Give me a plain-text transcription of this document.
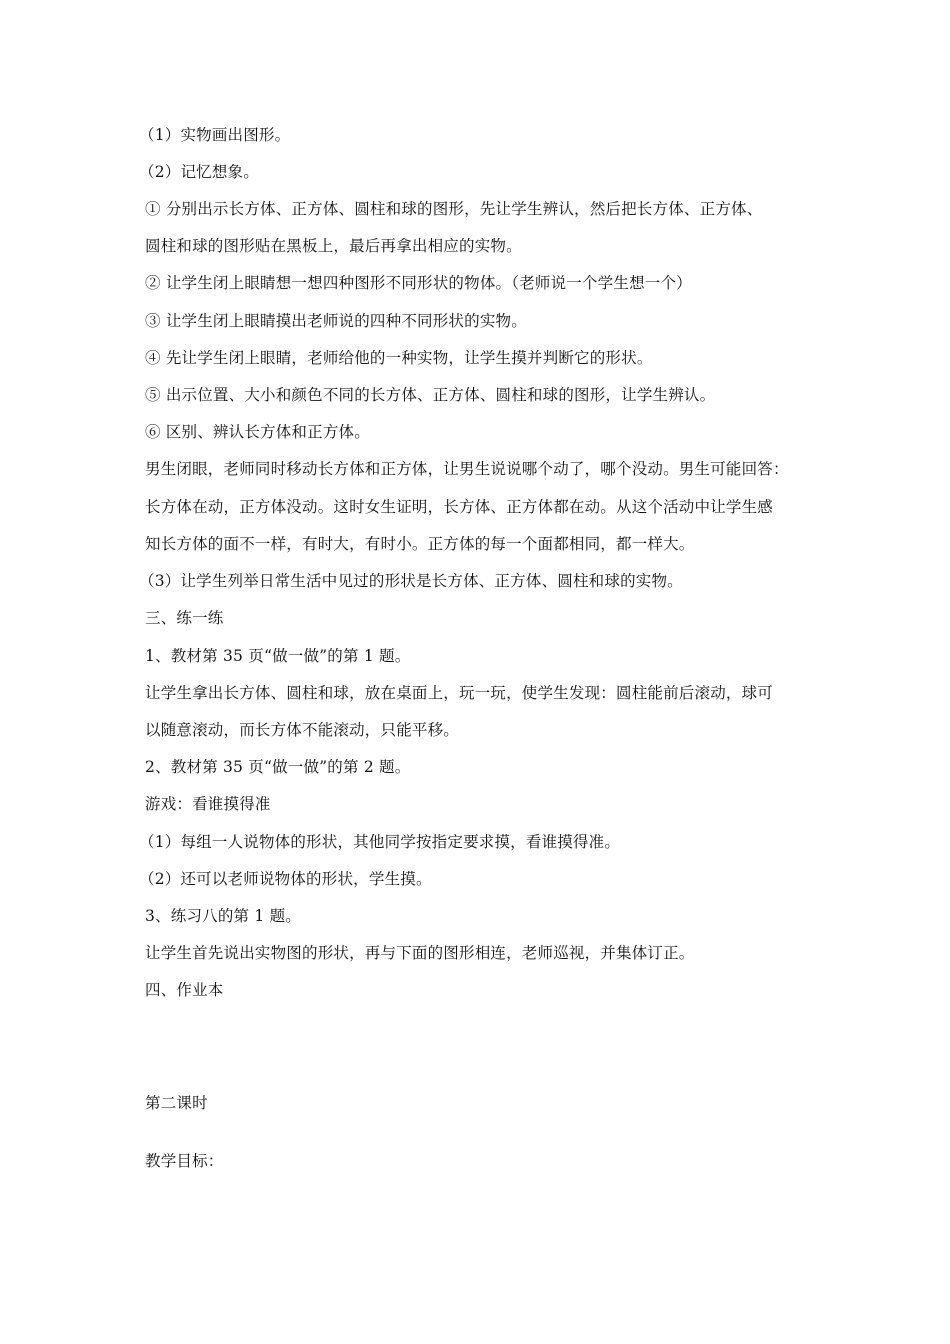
（1）实物画出图形。
（2）记忆想象。
① 分别出示长方体、正方体、圆柱和球的图形，先让学生辨认，然后把长方体、正方体、
圆柱和球的图形贴在黑板上，最后再拿出相应的实物。
② 让学生闭上眼睛想一想四种图形不同形状的物体。（老师说一个学生想一个）
③ 让学生闭上眼睛摸出老师说的四种不同形状的实物。
④ 先让学生闭上眼睛，老师给他的一种实物，让学生摸并判断它的形状。
⑤ 出示位置、大小和颜色不同的长方体、正方体、圆柱和球的图形，让学生辨认。
⑥ 区别、辨认长方体和正方体。
男生闭眼，老师同时移动长方体和正方体，让男生说说哪个动了，哪个没动。男生可能回答：
长方体在动，正方体没动。这时女生证明，长方体、正方体都在动。从这个活动中让学生感
知长方体的面不一样，有时大，有时小。正方体的每一个面都相同，都一样大。
（3）让学生列举日常生活中见过的形状是长方体、正方体、圆柱和球的实物。
三、练一练
1、教材第 35 页“做一做”的第 1 题。
让学生拿出长方体、圆柱和球，放在桌面上，玩一玩，使学生发现：圆柱能前后滚动，球可
以随意滚动，而长方体不能滚动，只能平移。
2、教材第 35 页“做一做”的第 2 题。
游戏：看谁摸得准
（1）每组一人说物体的形状，其他同学按指定要求摸，看谁摸得准。
（2）还可以老师说物体的形状，学生摸。
3、练习八的第 1 题。
让学生首先说出实物图的形状，再与下面的图形相连，老师巡视，并集体订正。
四、作业本
第二课时
教学目标：
